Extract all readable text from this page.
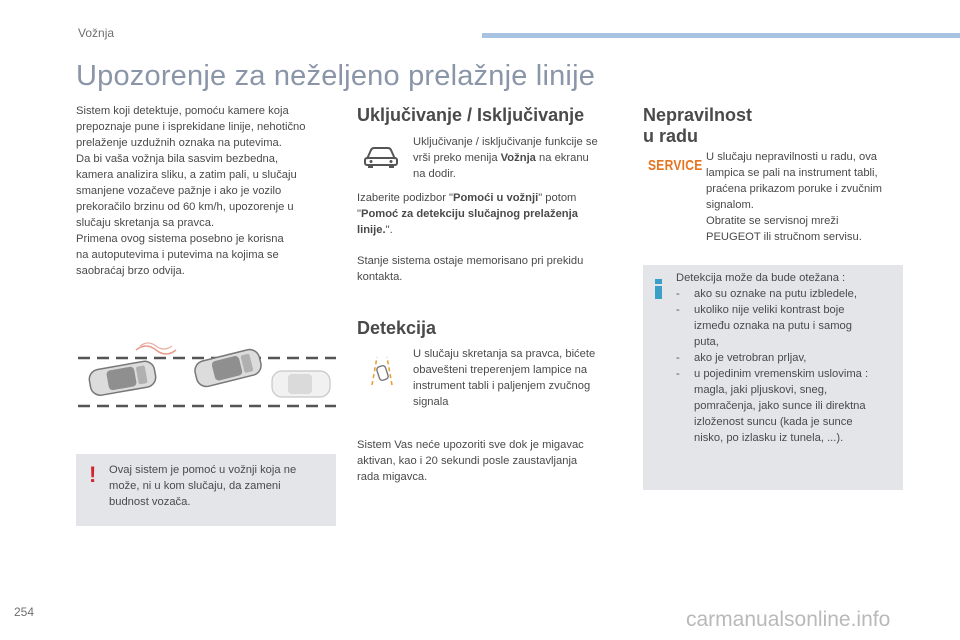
Vožnja
Upozorenje za neželjeno prelažnje linije
Sistem koji detektuje, pomoću kamere koja
prepoznaje pune i isprekidane linije, nehotično
prelaženje uzdužnih oznaka na putevima.
Da bi vaša vožnja bila sasvim bezbedna,
kamera analizira sliku, a zatim pali, u slučaju
smanjene vozačeve pažnje i ako je vozilo
prekoračilo brzinu od 60 km/h, upozorenje u
slučaju skretanja sa pravca.
Primena ovog sistema posebno je korisna
na autoputevima i putevima na kojima se
saobraćaj brzo odvija.
! Ovaj sistem je pomoć u vožnji koja ne
može, ni u kom slučaju, da zameni
budnost vozača.
Uključivanje / Isključivanje
Uključivanje / isključivanje funkcije se
vrši preko menija Vožnja na ekranu
na dodir.
Izaberite podizbor "Pomoći u vožnji" potom
"Pomoć za detekciju slučajnog prelaženja
linije.".
Stanje sistema ostaje memorisano pri prekidu
kontakta.
Detekcija
U slučaju skretanja sa pravca, bićete
obavešteni treperenjem lampice na
instrument tabli i paljenjem zvučnog
signala
Sistem Vas neće upozoriti sve dok je migavac
aktivan, kao i 20 sekundi posle zaustavljanja
rada migavca.
Nepravilnost
u radu
SERVICE U slučaju nepravilnosti u radu, ova
lampica se pali na instrument tabli,
praćena prikazom poruke i zvučnim
signalom.
Obratite se servisnoj mreži
PEUGEOT ili stručnom servisu.
Detekcija može da bude otežana :
- ako su oznake na putu izbledele,
- ukoliko nije veliki kontrast boje
između oznaka na putu i samog
puta,
- ako je vetrobran prljav,
- u pojedinim vremenskim uslovima :
magla, jaki pljuskovi, sneg,
pomračenja, jako sunce ili direktna
izloženost suncu (kada je sunce
nisko, po izlasku iz tunela, ...).
254	carmanualsonline.info
